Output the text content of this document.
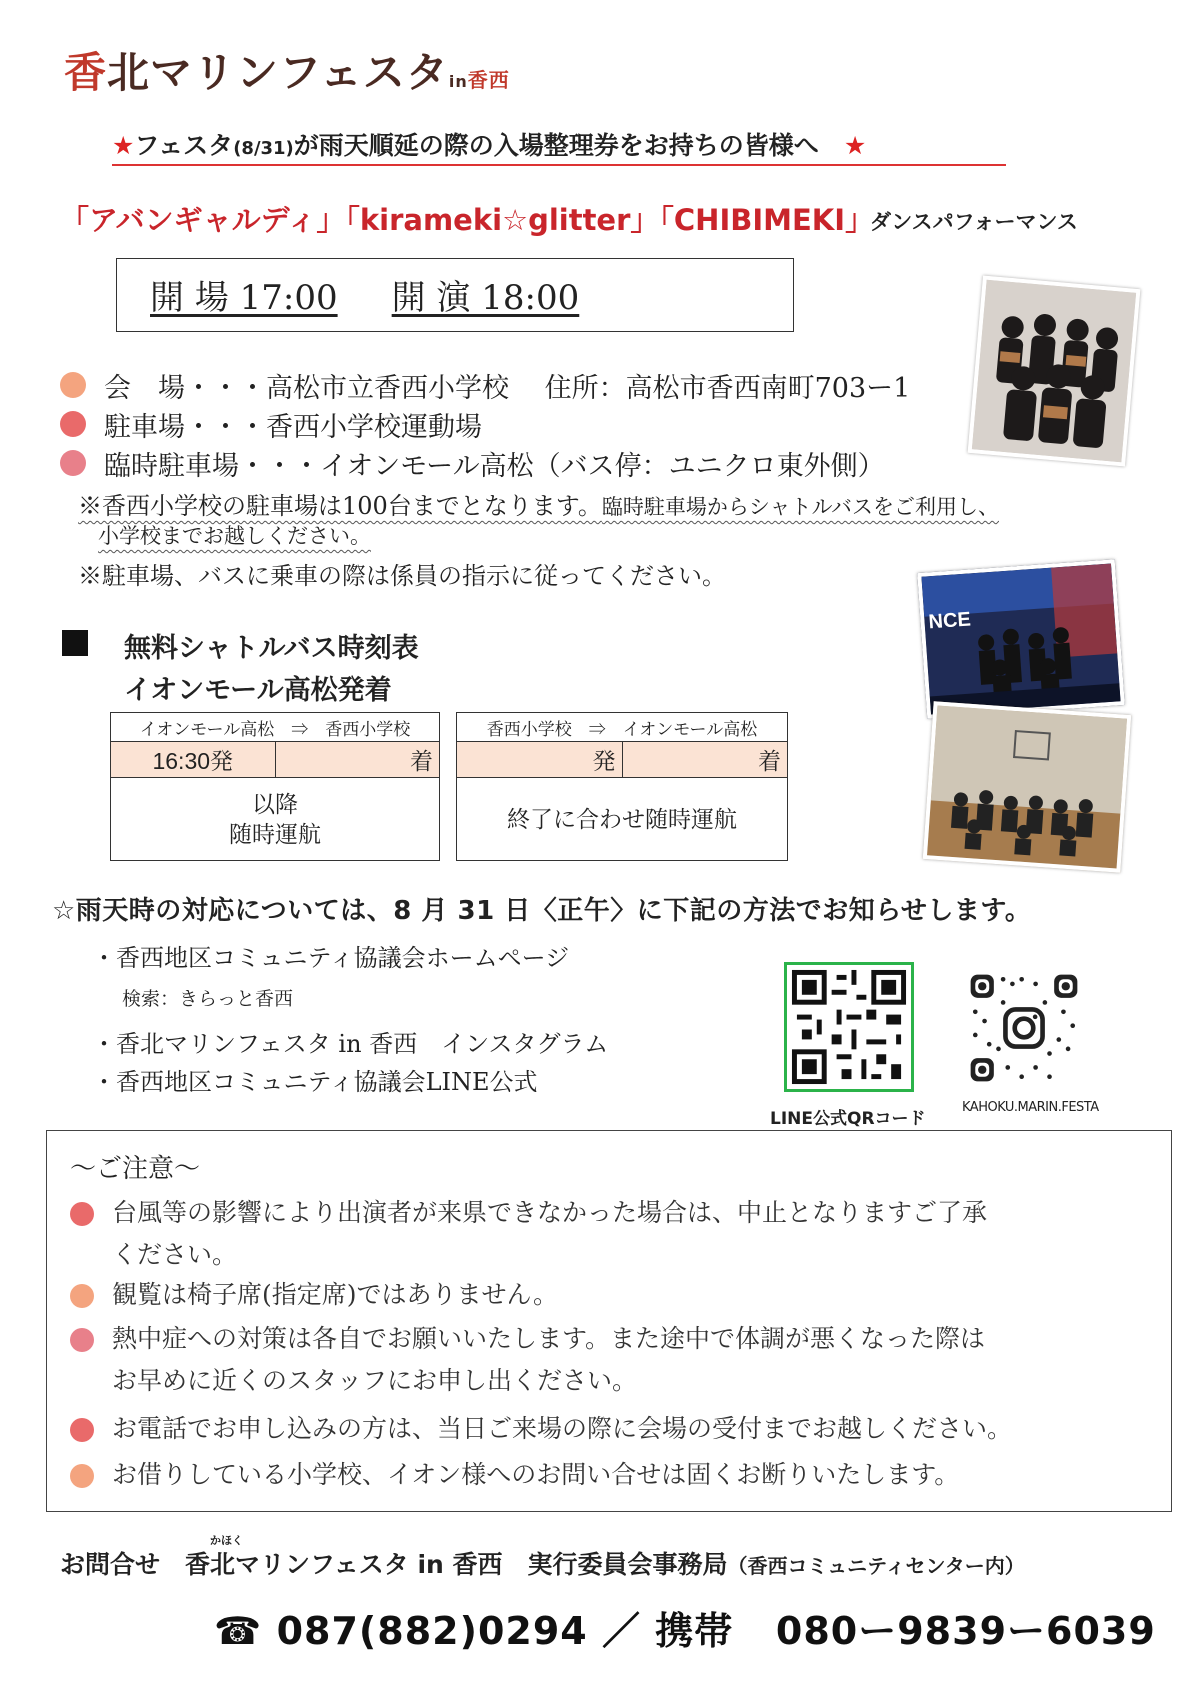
香北マリンフェスタin香西
★フェスタ(8/31)が雨天順延の際の入場整理券をお持ちの皆様へ　 ★
「アバンギャルディ」「kirameki☆glitter」「CHIBIMEKI」
ダンスパフォーマンス
開 場 17:00 開 演 18:00
会　場・・・高松市立香西小学校　 住所：高松市香西南町703ー1
駐車場・・・香西小学校運動場
臨時駐車場・・・イオンモール高松（バス停：ユニクロ東外側）
※香西小学校の駐車場は100台までとなります。臨時駐車場からシャトルバスをご利用し、
小学校までお越しください。
※駐車場、バスに乗車の際は係員の指示に従ってください。
NCE
無料シャトルバス時刻表
イオンモール高松発着
イオンモール高松　⇒　香西小学校
16:30発	着
以降
随時運航
香西小学校　⇒　イオンモール高松
発	着
終了に合わせ随時運航
☆雨天時の対応については、8 月 31 日〈正午〉に下記の方法でお知らせします。
・香西地区コミュニティ協議会ホームページ
検索：きらっと香西
・香北マリンフェスタ in 香西　インスタグラム
・香西地区コミュニティ協議会LINE公式
LINE公式QRコード
KAHOKU.MARIN.FESTA
～ご注意～
台風等の影響により出演者が来県できなかった場合は、中止となりますご了承
ください。
観覧は椅子席(指定席)ではありません。
熱中症への対策は各自でお願いいたします。また途中で体調が悪くなった際は
お早めに近くのスタッフにお申し出ください。
お電話でお申し込みの方は、当日ご来場の際に会場の受付までお越しください。
お借りしている小学校、イオン様へのお問い合せは固くお断りいたします。
かほく
お問合せ　香北マリンフェスタ in 香西　実行委員会事務局（香西コミュニティセンター内）
☎ 087(882)0294 ／ 携帯 080ー9839ー6039
